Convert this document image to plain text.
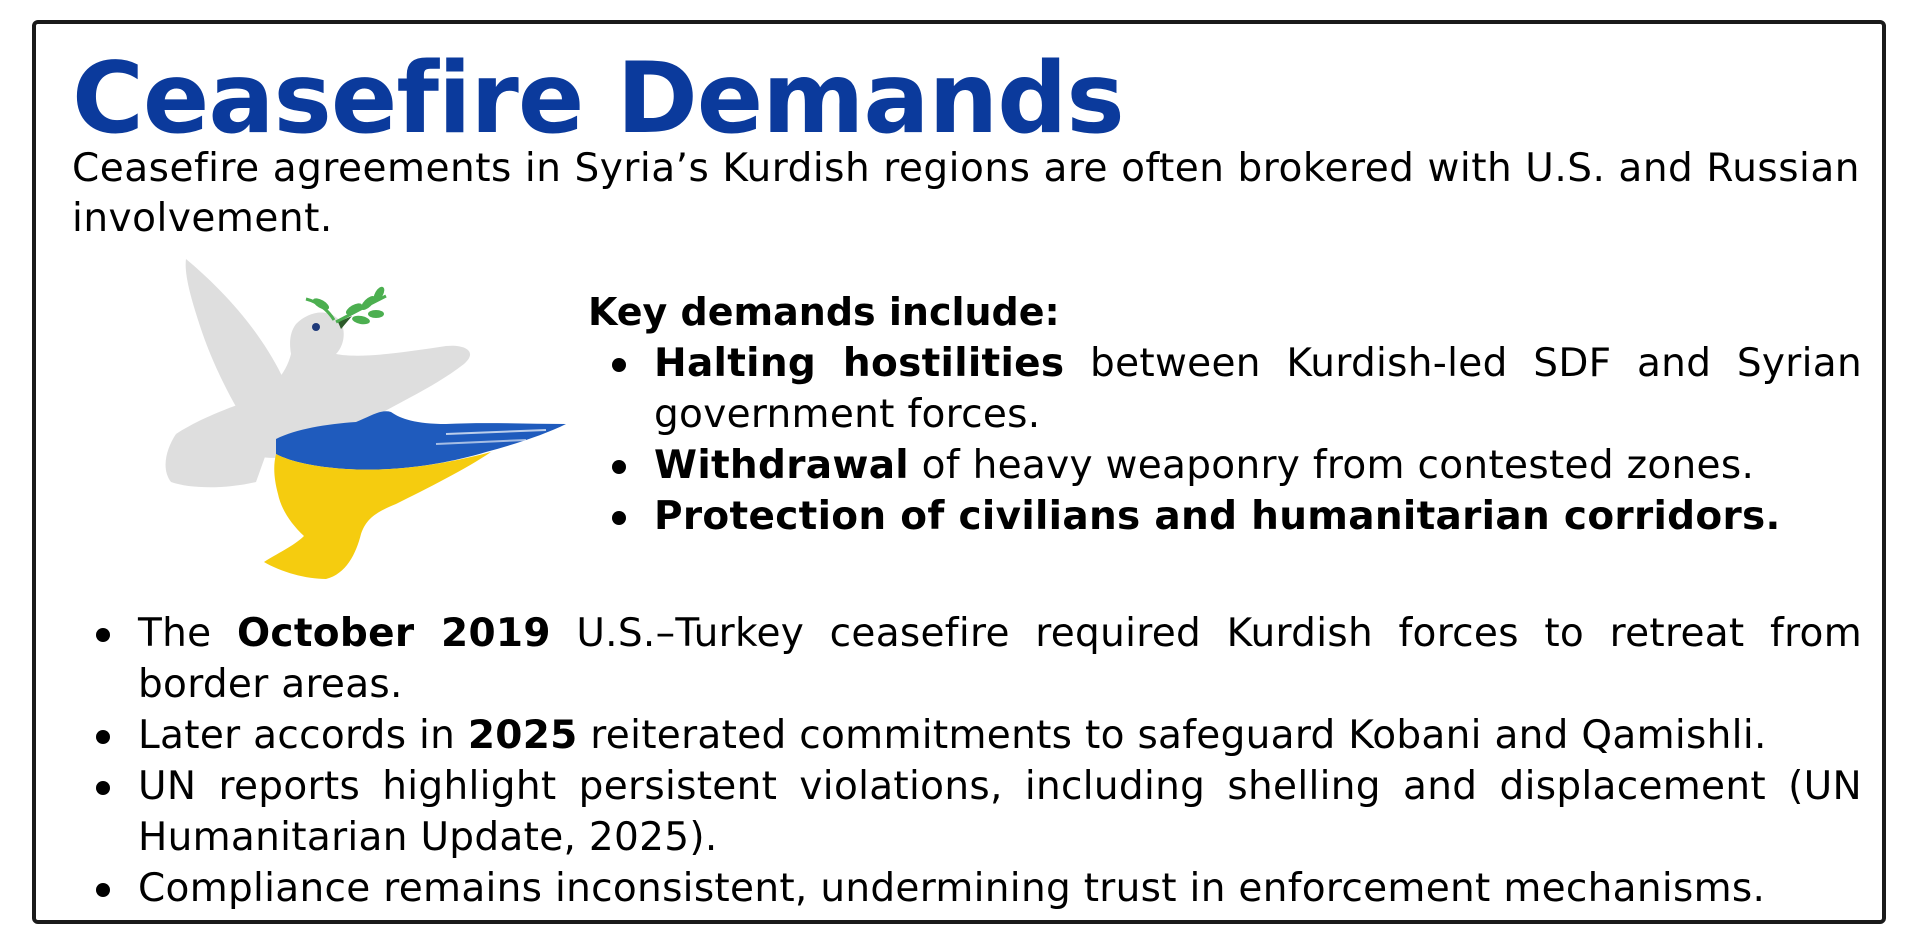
Ceasefire Demands

Ceasefire agreements in Syria’s Kurdish regions are often brokered with U.S. and Russian involvement.

Key demands include:

Halting hostilities between Kurdish-led SDF and Syrian government forces.
Withdrawal of heavy weaponry from contested zones.
Protection of civilians and humanitarian corridors.
The October 2019 U.S.–Turkey ceasefire required Kurdish forces to retreat from border areas.
Later accords in 2025 reiterated commitments to safeguard Kobani and Qamishli.
UN reports highlight persistent violations, including shelling and displacement (UN Humanitarian Update, 2025).
Compliance remains inconsistent, undermining trust in enforcement mechanisms.
